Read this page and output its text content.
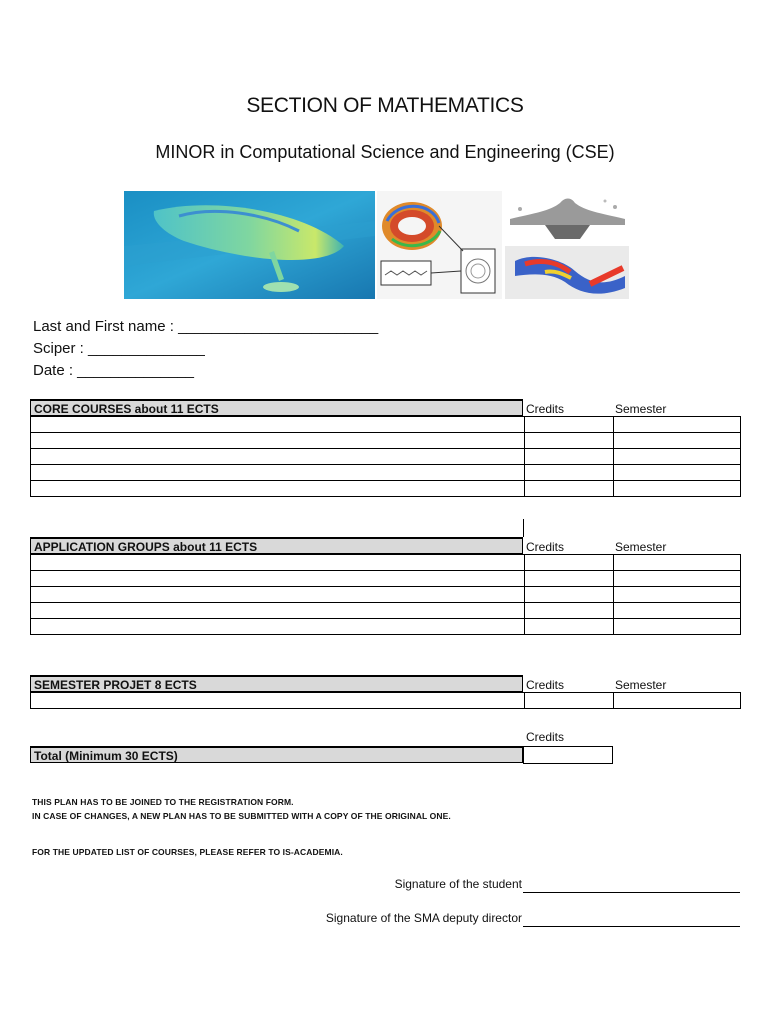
SECTION OF MATHEMATICS
MINOR in Computational Science and Engineering (CSE)
Last and First name : ________________________
Sciper : ______________
Date : ______________
CORE COURSES about 11 ECTS	Credits	Semester

APPLICATION GROUPS about 11 ECTS	Credits	Semester

SEMESTER PROJET 8 ECTS	Credits	Semester

Credits
Total (Minimum 30 ECTS)
THIS PLAN HAS TO BE JOINED TO THE REGISTRATION FORM.
IN CASE OF CHANGES, A NEW PLAN HAS TO BE SUBMITTED WITH A COPY OF THE ORIGINAL ONE.
FOR THE UPDATED LIST OF COURSES, PLEASE REFER TO IS-ACADEMIA.
Signature of the student
Signature of the SMA deputy director
